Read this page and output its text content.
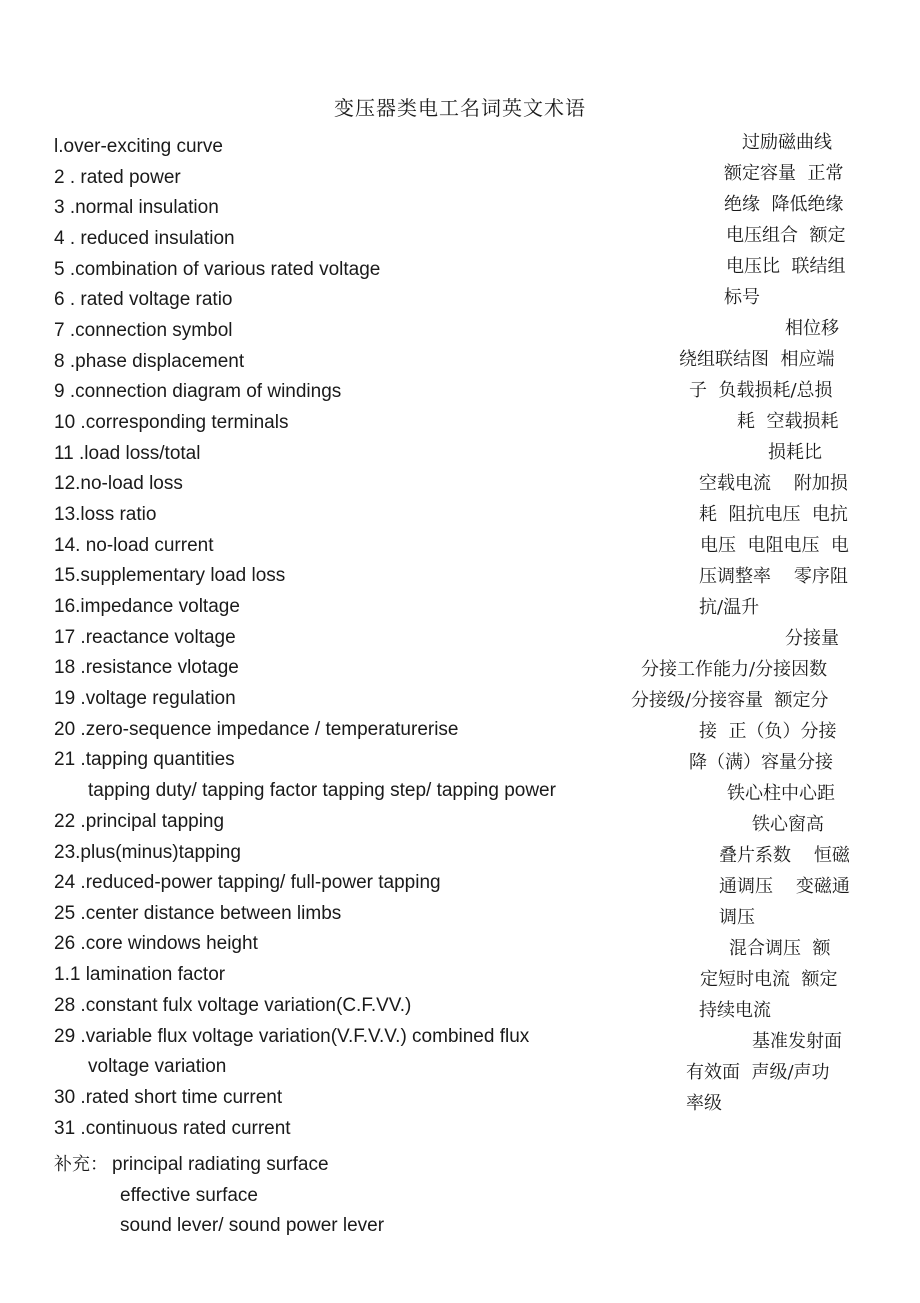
变压器类电工名词英文术语
l.over-exciting curve
2 . rated power
3 .normal insulation
4 . reduced insulation
5 .combination of various rated voltage
6 . rated voltage ratio
7 .connection symbol
8 .phase displacement
9 .connection diagram of windings
10 .corresponding terminals
11 .load loss/total
12.no-load loss
13.loss ratio
14. no-load current
15.supplementary load loss
16.impedance voltage
17 .reactance voltage
18 .resistance vlotage
19 .voltage regulation
20 .zero-sequence impedance / temperaturerise
21 .tapping quantities
tapping duty/ tapping factor tapping step/ tapping power
22 .principal tapping
23.plus(minus)tapping
24 .reduced-power tapping/ full-power tapping
25 .center distance between limbs
26 .core windows height
1.1 lamination factor
28 .constant fulx voltage variation(C.F.VV.)
29 .variable flux voltage variation(V.F.V.V.) combined flux
voltage variation
30 .rated short time current
31 .continuous rated current
补充： principal radiating surface
effective surface
sound lever/ sound power lever
过励磁曲线
额定容量  正常
绝缘  降低绝缘
电压组合  额定
电压比  联结组
标号
相位移
绕组联结图  相应端
子  负载损耗/总损
耗  空载损耗
损耗比
空载电流    附加损
耗  阻抗电压  电抗
电压  电阻电压  电
压调整率    零序阻
抗/温升
分接量
分接工作能力/分接因数
分接级/分接容量  额定分
接  正（负）分接
降（满）容量分接
铁心柱中心距
铁心窗高
叠片系数    恒磁
通调压    变磁通
调压
混合调压  额
定短时电流  额定
持续电流
基准发射面
有效面  声级/声功
率级
